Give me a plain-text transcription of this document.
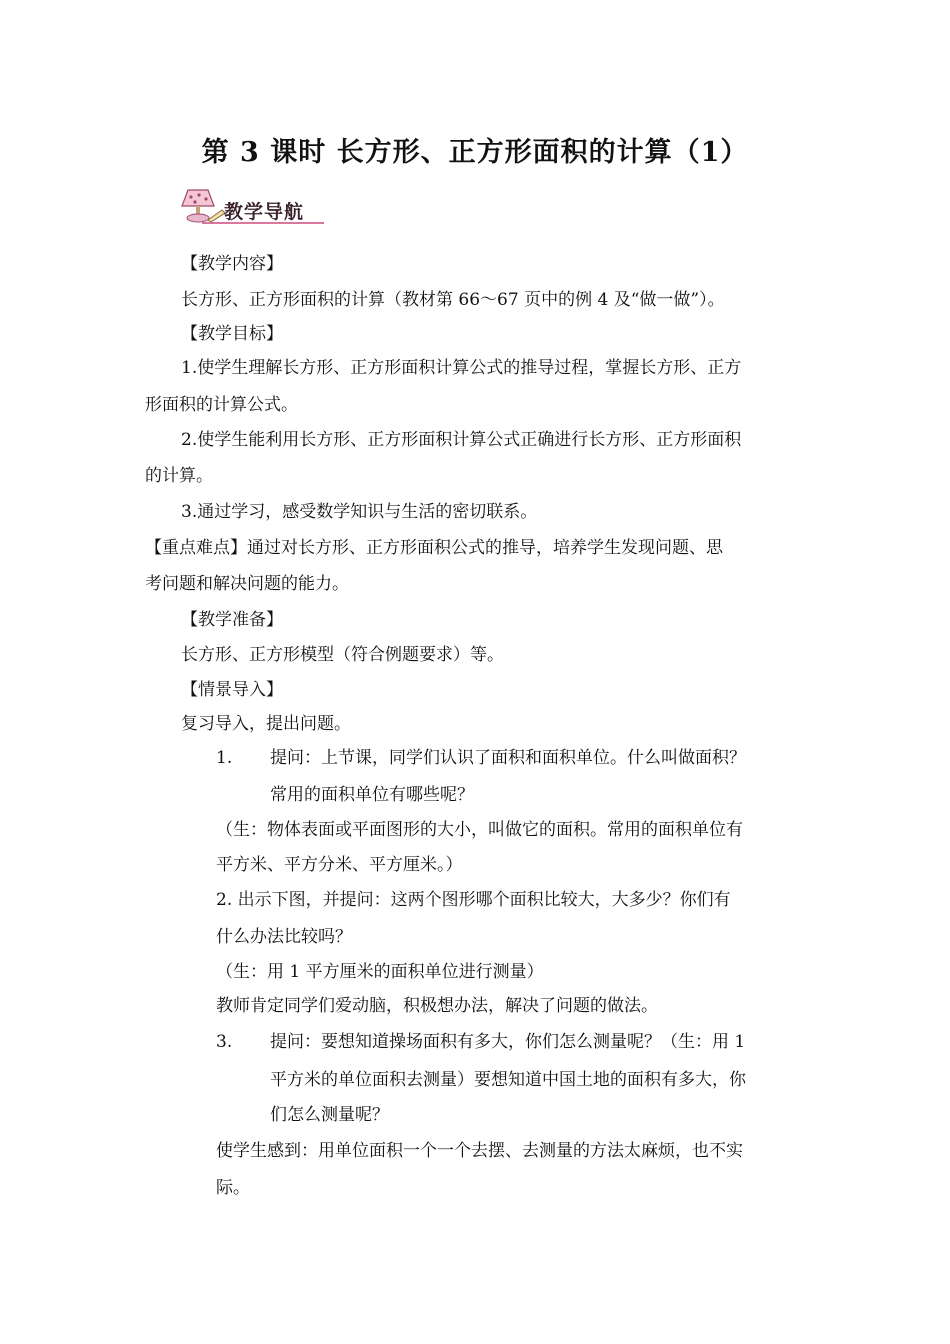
第 3 课时 长方形、正方形面积的计算（1）
教学导航
【教学内容】
长方形、正方形面积的计算（教材第 66～67 页中的例 4 及“做一做”）。
【教学目标】
1.使学生理解长方形、正方形面积计算公式的推导过程，掌握长方形、正方
形面积的计算公式。
2.使学生能利用长方形、正方形面积计算公式正确进行长方形、正方形面积
的计算。
3.通过学习，感受数学知识与生活的密切联系。
【重点难点】通过对长方形、正方形面积公式的推导，培养学生发现问题、思
考问题和解决问题的能力。
【教学准备】
长方形、正方形模型（符合例题要求）等。
【情景导入】
复习导入，提出问题。
1. 提问：上节课，同学们认识了面积和面积单位。什么叫做面积？
常用的面积单位有哪些呢？
（生：物体表面或平面图形的大小，叫做它的面积。常用的面积单位有
平方米、平方分米、平方厘米。）
2. 出示下图，并提问：这两个图形哪个面积比较大，大多少？你们有
什么办法比较吗？
（生：用 1 平方厘米的面积单位进行测量）
教师肯定同学们爱动脑，积极想办法，解决了问题的做法。
3. 提问：要想知道操场面积有多大，你们怎么测量呢？（生：用 1
平方米的单位面积去测量）要想知道中国土地的面积有多大，你
们怎么测量呢？
使学生感到：用单位面积一个一个去摆、去测量的方法太麻烦，也不实
际。
